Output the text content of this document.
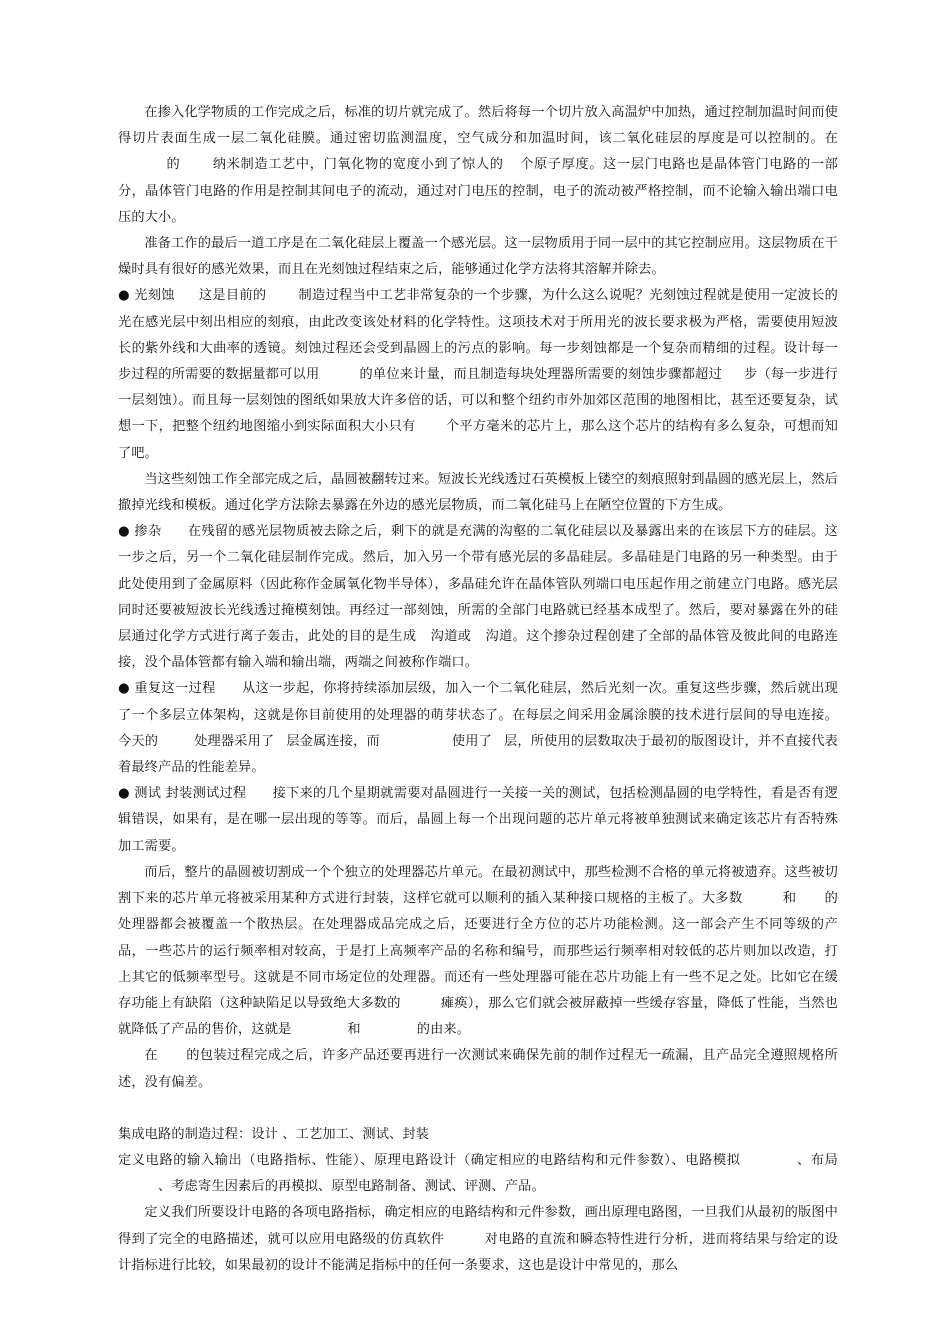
在掺入化学物质的工作完成之后，标准的切片就完成了。然后将每一个切片放入高温炉中加热，通过控制加温时间而使得切片表面生成一层二氧化硅膜。通过密切监测温度，空气成分和加温时间，该二氧化硅层的厚度是可以控制的。在的 纳米制造工艺中，门氧化物的宽度小到了惊人的 个原子厚度。这一层门电路也是晶体管门电路的一部分，晶体管门电路的作用是控制其间电子的流动，通过对门电压的控制，电子的流动被严格控制，而不论输入输出端口电压的大小。

准备工作的最后一道工序是在二氧化硅层上覆盖一个感光层。这一层物质用于同一层中的其它控制应用。这层物质在干燥时具有很好的感光效果，而且在光刻蚀过程结束之后，能够通过化学方法将其溶解并除去。

● 光刻蚀 这是目前的 制造过程当中工艺非常复杂的一个步骤，为什么这么说呢？光刻蚀过程就是使用一定波长的光在感光层中刻出相应的刻痕，由此改变该处材料的化学特性。这项技术对于所用光的波长要求极为严格，需要使用短波长的紫外线和大曲率的透镜。刻蚀过程还会受到晶圆上的污点的影响。每一步刻蚀都是一个复杂而精细的过程。设计每一步过程的所需要的数据量都可以用	的单位来计量，而且制造每块处理器所需要的刻蚀步骤都超过 步（每一步进行一层刻蚀）。而且每一层刻蚀的图纸如果放大许多倍的话，可以和整个纽约市外加郊区范围的地图相比，甚至还要复杂，试想一下，把整个纽约地图缩小到实际面积大小只有 个平方毫米的芯片上，那么这个芯片的结构有多么复杂，可想而知了吧。

当这些刻蚀工作全部完成之后，晶圆被翻转过来。短波长光线透过石英模板上镂空的刻痕照射到晶圆的感光层上，然后撤掉光线和模板。通过化学方法除去暴露在外边的感光层物质，而二氧化硅马上在陋空位置的下方生成。

● 掺杂 在残留的感光层物质被去除之后，剩下的就是充满的沟壑的二氧化硅层以及暴露出来的在该层下方的硅层。这一步之后，另一个二氧化硅层制作完成。然后，加入另一个带有感光层的多晶硅层。多晶硅是门电路的另一种类型。由于此处使用到了金属原料（因此称作金属氧化物半导体），多晶硅允许在晶体管队列端口电压起作用之前建立门电路。感光层同时还要被短波长光线透过掩模刻蚀。再经过一部刻蚀，所需的全部门电路就已经基本成型了。然后，要对暴露在外的硅层通过化学方式进行离子轰击，此处的目的是生成 沟道或 沟道。这个掺杂过程创建了全部的晶体管及彼此间的电路连接，没个晶体管都有输入端和输出端，两端之间被称作端口。

● 重复这一过程 从这一步起，你将持续添加层级，加入一个二氧化硅层，然后光刻一次。重复这些步骤，然后就出现了一个多层立体架构，这就是你目前使用的处理器的萌芽状态了。在每层之间采用金属涂膜的技术进行层间的导电连接。今天的	处理器采用了 层金属连接，而	使用了 层，所使用的层数取决于最初的版图设计，并不直接代表着最终产品的性能差异。

● 测试 封装测试过程 接下来的几个星期就需要对晶圆进行一关接一关的测试，包括检测晶圆的电学特性，看是否有逻辑错误，如果有，是在哪一层出现的等等。而后，晶圆上每一个出现问题的芯片单元将被单独测试来确定该芯片有否特殊加工需要。

而后，整片的晶圆被切割成一个个独立的处理器芯片单元。在最初测试中，那些检测不合格的单元将被遗弃。这些被切割下来的芯片单元将被采用某种方式进行封装，这样它就可以顺利的插入某种接口规格的主板了。大多数	和 的处理器都会被覆盖一个散热层。在处理器成品完成之后，还要进行全方位的芯片功能检测。这一部会产生不同等级的产品，一些芯片的运行频率相对较高，于是打上高频率产品的名称和编号，而那些运行频率相对较低的芯片则加以改造，打上其它的低频率型号。这就是不同市场定位的处理器。而还有一些处理器可能在芯片功能上有一些不足之处。比如它在缓存功能上有缺陷（这种缺陷足以导致绝大多数的	瘫痪），那么它们就会被屏蔽掉一些缓存容量，降低了性能，当然也就降低了产品的售价，这就是	和	的由来。

在 的包装过程完成之后，许多产品还要再进行一次测试来确保先前的制作过程无一疏漏，且产品完全遵照规格所述，没有偏差。

集成电路的制造过程：设计 、工艺加工、测试、封装

定义电路的输入输出（电路指标、性能）、原理电路设计（确定相应的电路结构和元件参数）、电路模拟	、布局、考虑寄生因素后的再模拟、原型电路制备、测试、评测、产品。

定义我们所要设计电路的各项电路指标，确定相应的电路结构和元件参数，画出原理电路图，一旦我们从最初的版图中得到了完全的电路描述，就可以应用电路级的仿真软件	对电路的直流和瞬态特性进行分析，进而将结果与给定的设计指标进行比较，如果最初的设计不能满足指标中的任何一条要求，这也是设计中常见的，那么
